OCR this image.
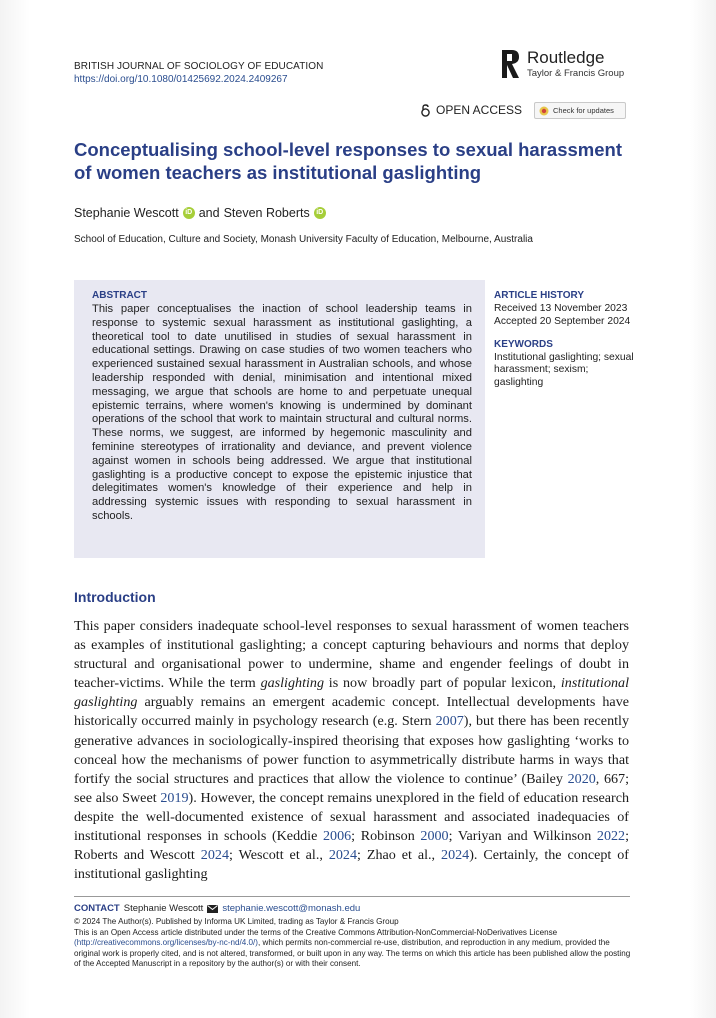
BRITISH JOURNAL OF SOCIOLOGY OF EDUCATION
https://doi.org/10.1080/01425692.2024.2409267
Routledge
Taylor & Francis Group
OPEN ACCESS	Check for updates
Conceptualising school-level responses to sexual harassment of women teachers as institutional gaslighting
Stephanie Wescott iD and Steven Roberts iD
School of Education, Culture and Society, Monash University Faculty of Education, Melbourne, Australia
ABSTRACT
This paper conceptualises the inaction of school leadership teams in response to systemic sexual harassment as institutional gaslighting, a theoretical tool to date unutilised in studies of sexual harassment in educational settings. Drawing on case studies of two women teachers who experienced sustained sexual harassment in Australian schools, and whose leadership responded with denial, minimisation and intentional mixed messaging, we argue that schools are home to and perpetuate unequal epistemic terrains, where women's knowing is undermined by dominant operations of the school that work to maintain structural and cultural norms. These norms, we suggest, are informed by hegemonic masculinity and feminine stereotypes of irrationality and deviance, and prevent violence against women in schools being addressed. We argue that institutional gaslighting is a productive concept to expose the epistemic injustice that delegitimates women's knowledge of their experience and help in addressing systemic issues with responding to sexual harassment in schools.
ARTICLE HISTORY
Received 13 November 2023
Accepted 20 September 2024
KEYWORDS
Institutional gaslighting; sexual harassment; sexism; gaslighting
Introduction
This paper considers inadequate school-level responses to sexual harassment of women teachers as examples of institutional gaslighting; a concept capturing behaviours and norms that deploy structural and organisational power to undermine, shame and engender feelings of doubt in teacher-victims. While the term gaslighting is now broadly part of popular lexicon, institutional gaslighting arguably remains an emergent academic concept. Intellectual developments have historically occurred mainly in psychology research (e.g. Stern 2007), but there has been recently generative advances in sociologically-inspired theorising that exposes how gaslighting ‘works to conceal how the mechanisms of power function to asymmetrically distribute harms in ways that fortify the social structures and practices that allow the violence to continue’ (Bailey 2020, 667; see also Sweet 2019). However, the concept remains unexplored in the field of education research despite the well-documented existence of sexual harassment and associated inadequacies of institutional responses in schools (Keddie 2006; Robinson 2000; Variyan and Wilkinson 2022; Roberts and Wescott 2024; Wescott et al., 2024; Zhao et al., 2024). Certainly, the concept of institutional gaslighting
CONTACT Stephanie Wescott stephanie.wescott@monash.edu
© 2024 The Author(s). Published by Informa UK Limited, trading as Taylor & Francis Group
This is an Open Access article distributed under the terms of the Creative Commons Attribution-NonCommercial-NoDerivatives License (http://creativecommons.org/licenses/by-nc-nd/4.0/), which permits non-commercial re-use, distribution, and reproduction in any medium, provided the original work is properly cited, and is not altered, transformed, or built upon in any way. The terms on which this article has been published allow the posting of the Accepted Manuscript in a repository by the author(s) or with their consent.
